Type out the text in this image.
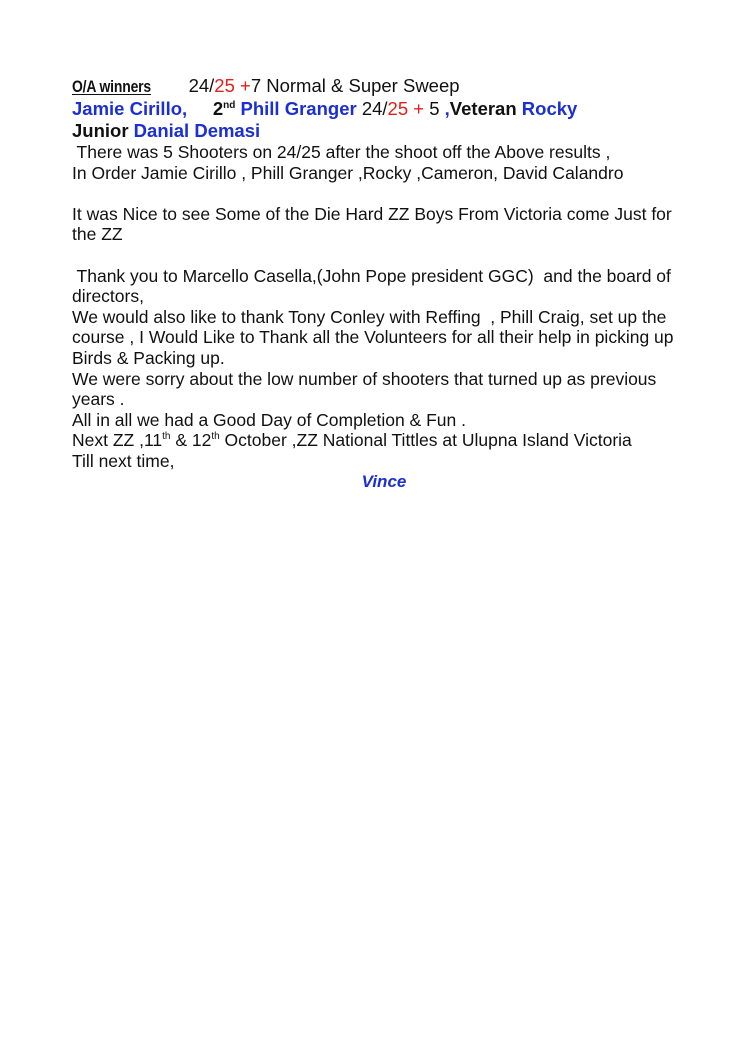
O/A winners 24/25 +7 Normal & Super Sweep
Jamie Cirillo, 2nd Phill Granger 24/25 + 5 ,Veteran Rocky
Junior Danial Demasi
There was 5 Shooters on 24/25 after the shoot off the Above results ,
In Order Jamie Cirillo , Phill Granger ,Rocky ,Cameron, David Calandro
It was Nice to see Some of the Die Hard ZZ Boys From Victoria come Just for
the ZZ
Thank you to Marcello Casella,(John Pope president GGC)  and the board of
directors,
We would also like to thank Tony Conley with Reffing  , Phill Craig, set up the
course , I Would Like to Thank all the Volunteers for all their help in picking up
Birds & Packing up.
We were sorry about the low number of shooters that turned up as previous
years .
All in all we had a Good Day of Completion & Fun .
Next ZZ ,11th & 12th October ,ZZ National Tittles at Ulupna Island Victoria
Till next time,
Vince
